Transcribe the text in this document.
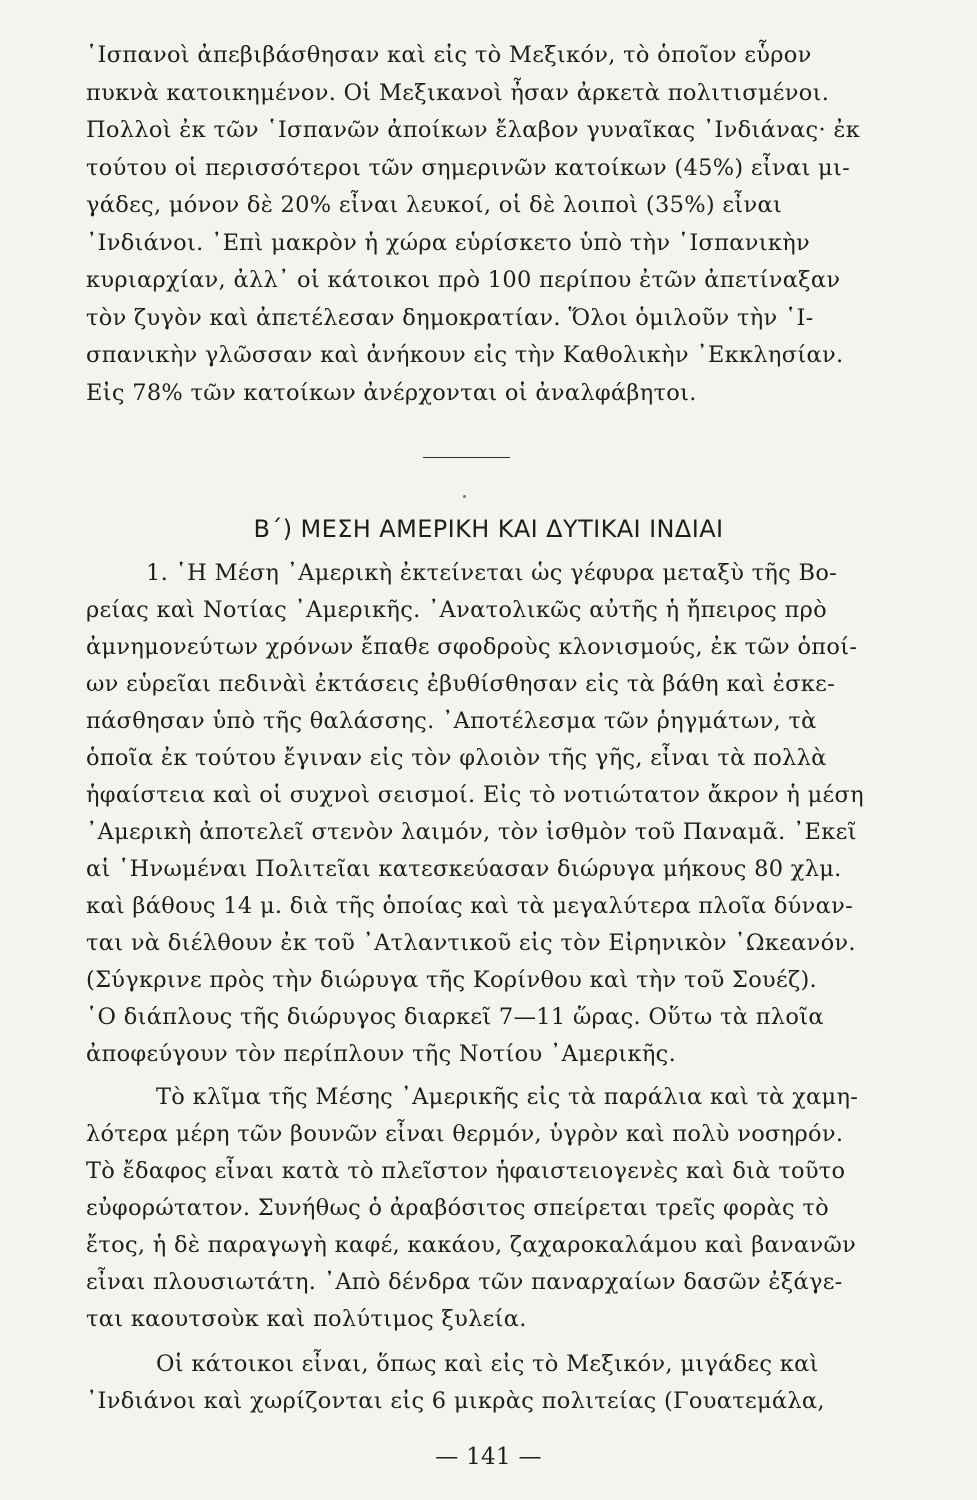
῾Ισπανοὶ ἀπεβιβάσθησαν καὶ εἰς τὸ Μεξικόν, τὸ ὁποῖον εὗρον
πυκνὰ κατοικημένον. Οἱ Μεξικανοὶ ἦσαν ἀρκετὰ πολιτισμένοι.
Πολλοὶ ἐκ τῶν ῾Ισπανῶν ἀποίκων ἔλαβον γυναῖκας ᾿Ινδιάνας· ἐκ
τούτου οἱ περισσότεροι τῶν σημερινῶν κατοίκων (45%) εἶναι μι-
γάδες, μόνον δὲ 20% εἶναι λευκοί, οἱ δὲ λοιποὶ (35%) εἶναι
᾿Ινδιάνοι. ᾿Επὶ μακρὸν ἡ χώρα εὑρίσκετο ὑπὸ τὴν ῾Ισπανικὴν
κυριαρχίαν, ἀλλ᾿ οἱ κάτοικοι πρὸ 100 περίπου ἐτῶν ἀπετίναξαν
τὸν ζυγὸν καὶ ἀπετέλεσαν δημοκρατίαν. Ὅλοι ὁμιλοῦν τὴν ῾Ι-
σπανικὴν γλῶσσαν καὶ ἀνήκουν εἰς τὴν Καθολικὴν ᾿Εκκλησίαν.
Εἰς 78% τῶν κατοίκων ἀνέρχονται οἱ ἀναλφάβητοι.
Β΄) ΜΕΣΗ ΑΜΕΡΙΚΗ ΚΑΙ ΔΥΤΙΚΑΙ ΙΝΔΙΑΙ
1. ῾Η Μέση ᾿Αμερικὴ ἐκτείνεται ὡς γέφυρα μεταξὺ τῆς Βο-
ρείας καὶ Νοτίας ᾿Αμερικῆς. ᾿Ανατολικῶς αὐτῆς ἡ ἤπειρος πρὸ
ἀμνημονεύτων χρόνων ἔπαθε σφοδροὺς κλονισμούς, ἐκ τῶν ὁποί-
ων εὑρεῖαι πεδινὰὶ ἐκτάσεις ἐβυθίσθησαν εἰς τὰ βάθη καὶ ἐσκε-
πάσθησαν ὑπὸ τῆς θαλάσσης. ᾿Αποτέλεσμα τῶν ῥηγμάτων, τὰ
ὁποῖα ἐκ τούτου ἔγιναν εἰς τὸν φλοιὸν τῆς γῆς, εἶναι τὰ πολλὰ
ἡφαίστεια καὶ οἱ συχνοὶ σεισμοί. Εἰς τὸ νοτιώτατον ἄκρον ἡ μέση
᾿Αμερικὴ ἀποτελεῖ στενὸν λαιμόν, τὸν ἰσθμὸν τοῦ Παναμᾶ. ᾿Εκεῖ
αἱ ῾Ηνωμέναι Πολιτεῖαι κατεσκεύασαν διώρυγα μήκους 80 χλμ.
καὶ βάθους 14 μ. διὰ τῆς ὁποίας καὶ τὰ μεγαλύτερα πλοῖα δύναν-
ται νὰ διέλθουν ἐκ τοῦ ᾿Ατλαντικοῦ εἰς τὸν Εἰρηνικὸν ᾿Ωκεανόν.
(Σύγκρινε πρὸς τὴν διώρυγα τῆς Κορίνθου καὶ τὴν τοῦ Σουέζ).
῾Ο διάπλους τῆς διώρυγος διαρκεῖ 7—11 ὥρας. Οὕτω τὰ πλοῖα
ἀποφεύγουν τὸν περίπλουν τῆς Νοτίου ᾿Αμερικῆς.
Τὸ κλῖμα τῆς Μέσης ᾿Αμερικῆς εἰς τὰ παράλια καὶ τὰ χαμη-
λότερα μέρη τῶν βουνῶν εἶναι θερμόν, ὑγρὸν καὶ πολὺ νοσηρόν.
Τὸ ἔδαφος εἶναι κατὰ τὸ πλεῖστον ἡφαιστειογενὲς καὶ διὰ τοῦτο
εὐφορώτατον. Συνήθως ὁ ἀραβόσιτος σπείρεται τρεῖς φορὰς τὸ
ἔτος, ἡ δὲ παραγωγὴ καφέ, κακάου, ζαχαροκαλάμου καὶ βανανῶν
εἶναι πλουσιωτάτη. ᾿Απὸ δένδρα τῶν παναρχαίων δασῶν ἐξάγε-
ται καουτσοὺκ καὶ πολύτιμος ξυλεία.
Οἱ κάτοικοι εἶναι, ὅπως καὶ εἰς τὸ Μεξικόν, μιγάδες καὶ
᾿Ινδιάνοι καὶ χωρίζονται εἰς 6 μικρὰς πολιτείας (Γουατεμάλα,
— 141 —
